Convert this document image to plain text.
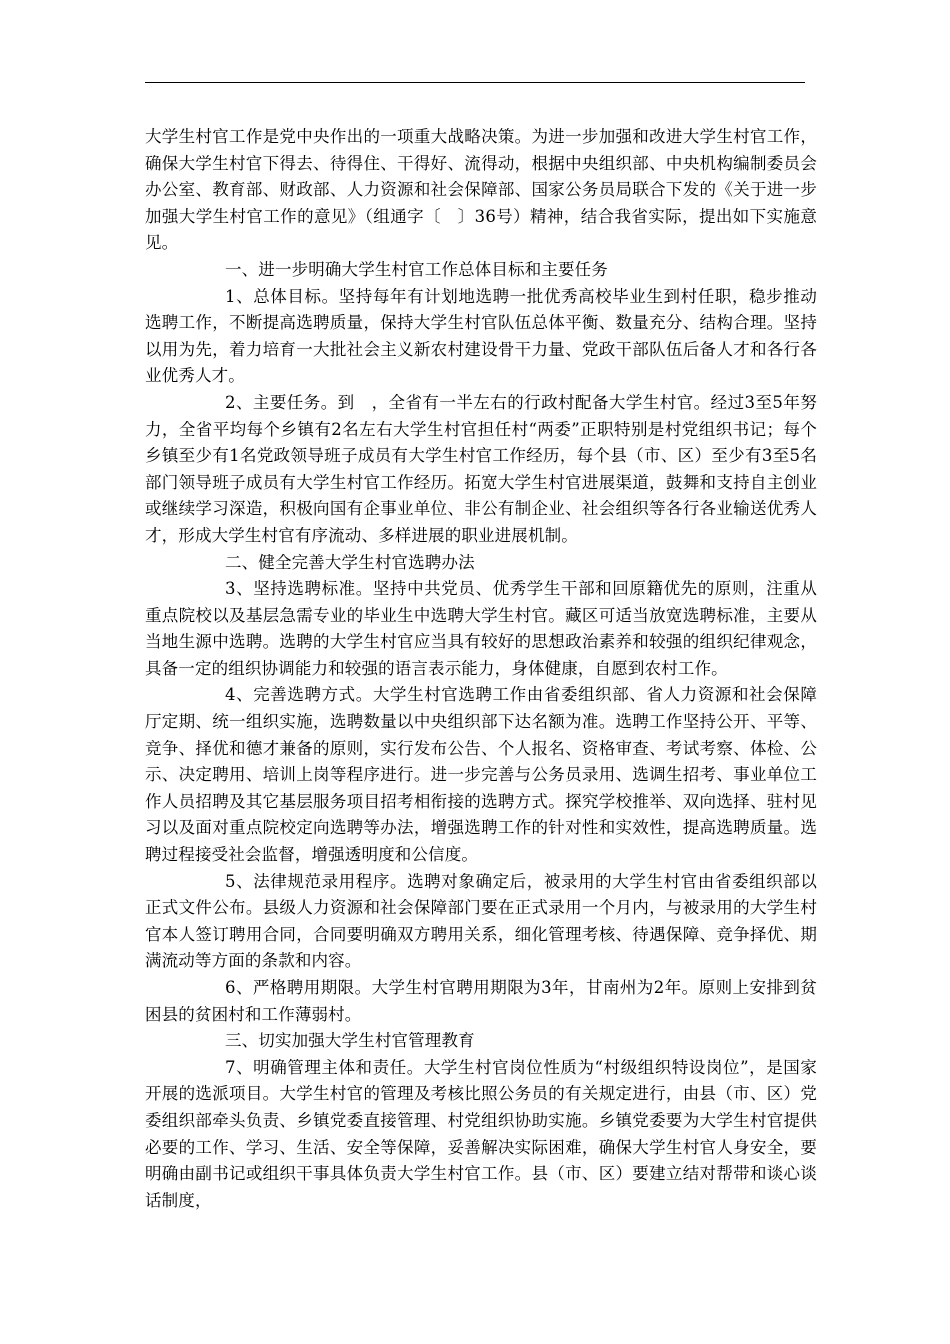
大学生村官工作是党中央作出的一项重大战略决策。为进一步加强和改进大学生村官工作，确保大学生村官下得去、待得住、干得好、流得动，根据中央组织部、中央机构编制委员会办公室、教育部、财政部、人力资源和社会保障部、国家公务员局联合下发的《关于进一步加强大学生村官工作的意见》（组通字〔　〕36号）精神，结合我省实际，提出如下实施意见。

一、进一步明确大学生村官工作总体目标和主要任务

1、总体目标。坚持每年有计划地选聘一批优秀高校毕业生到村任职，稳步推动选聘工作，不断提高选聘质量，保持大学生村官队伍总体平衡、数量充分、结构合理。坚持以用为先，着力培育一大批社会主义新农村建设骨干力量、党政干部队伍后备人才和各行各业优秀人才。

2、主要任务。到　，全省有一半左右的行政村配备大学生村官。经过3至5年努力，全省平均每个乡镇有2名左右大学生村官担任村“两委”正职特别是村党组织书记；每个乡镇至少有1名党政领导班子成员有大学生村官工作经历，每个县（市、区）至少有3至5名部门领导班子成员有大学生村官工作经历。拓宽大学生村官进展渠道，鼓舞和支持自主创业或继续学习深造，积极向国有企事业单位、非公有制企业、社会组织等各行各业输送优秀人才，形成大学生村官有序流动、多样进展的职业进展机制。

二、健全完善大学生村官选聘办法

3、坚持选聘标准。坚持中共党员、优秀学生干部和回原籍优先的原则，注重从重点院校以及基层急需专业的毕业生中选聘大学生村官。藏区可适当放宽选聘标准，主要从当地生源中选聘。选聘的大学生村官应当具有较好的思想政治素养和较强的组织纪律观念，具备一定的组织协调能力和较强的语言表示能力，身体健康，自愿到农村工作。

4、完善选聘方式。大学生村官选聘工作由省委组织部、省人力资源和社会保障厅定期、统一组织实施，选聘数量以中央组织部下达名额为准。选聘工作坚持公开、平等、竞争、择优和德才兼备的原则，实行发布公告、个人报名、资格审查、考试考察、体检、公示、决定聘用、培训上岗等程序进行。进一步完善与公务员录用、选调生招考、事业单位工作人员招聘及其它基层服务项目招考相衔接的选聘方式。探究学校推举、双向选择、驻村见习以及面对重点院校定向选聘等办法，增强选聘工作的针对性和实效性，提高选聘质量。选聘过程接受社会监督，增强透明度和公信度。

5、法律规范录用程序。选聘对象确定后，被录用的大学生村官由省委组织部以正式文件公布。县级人力资源和社会保障部门要在正式录用一个月内，与被录用的大学生村官本人签订聘用合同，合同要明确双方聘用关系，细化管理考核、待遇保障、竞争择优、期满流动等方面的条款和内容。

6、严格聘用期限。大学生村官聘用期限为3年，甘南州为2年。原则上安排到贫困县的贫困村和工作薄弱村。

三、切实加强大学生村官管理教育

7、明确管理主体和责任。大学生村官岗位性质为“村级组织特设岗位”，是国家开展的选派项目。大学生村官的管理及考核比照公务员的有关规定进行，由县（市、区）党委组织部牵头负责、乡镇党委直接管理、村党组织协助实施。乡镇党委要为大学生村官提供必要的工作、学习、生活、安全等保障，妥善解决实际困难，确保大学生村官人身安全，要明确由副书记或组织干事具体负责大学生村官工作。县（市、区）要建立结对帮带和谈心谈话制度，
